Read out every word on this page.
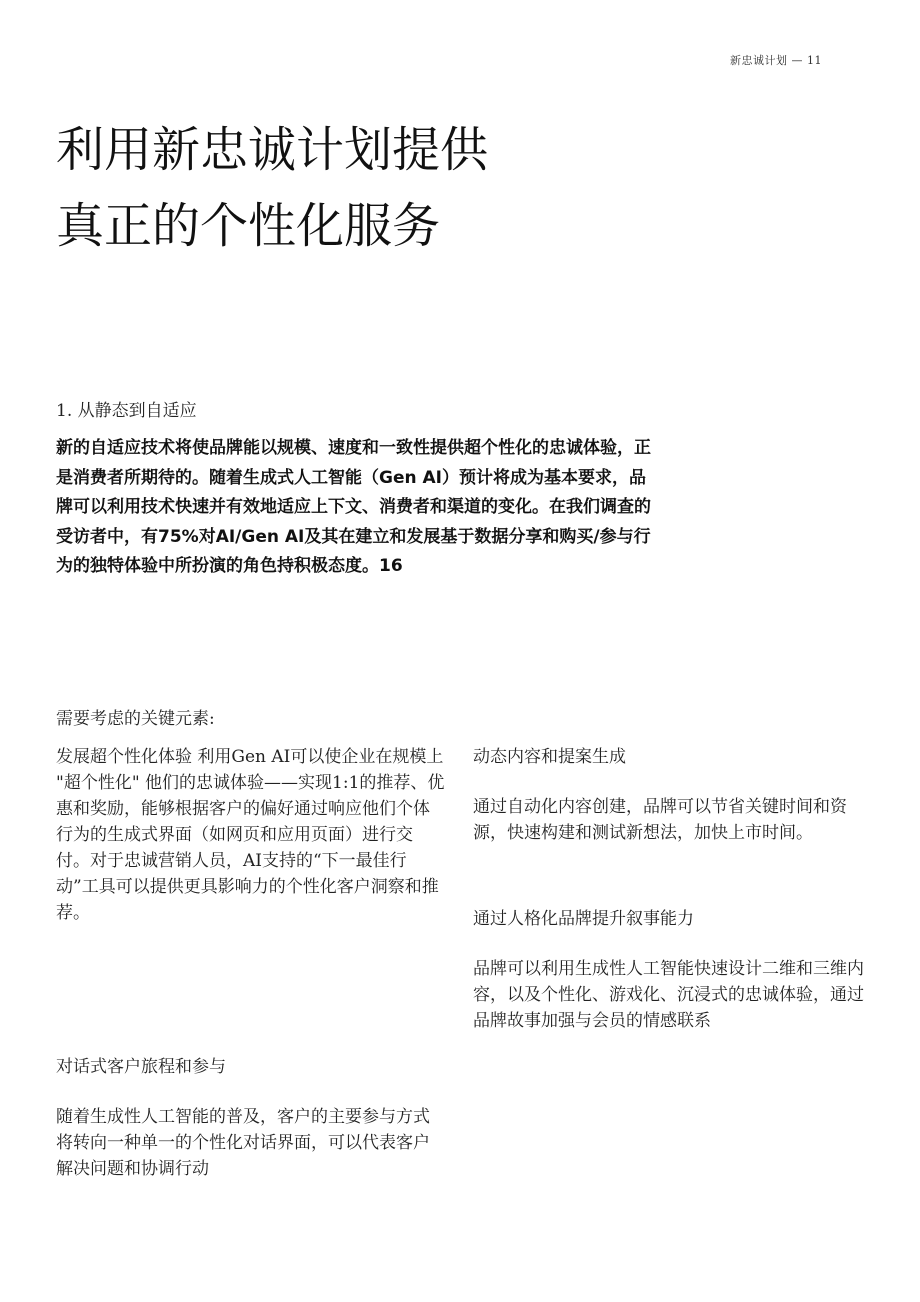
新忠诚计划 — 11
利用新忠诚计划提供真正的个性化服务
1. 从静态到自适应
新的自适应技术将使品牌能以规模、速度和一致性提供超个性化的忠诚体验，正是消费者所期待的。随着生成式人工智能（Gen AI）预计将成为基本要求，品牌可以利用技术快速并有效地适应上下文、消费者和渠道的变化。在我们调查的受访者中，有75%对AI/Gen AI及其在建立和发展基于数据分享和购买/参与行为的独特体验中所扮演的角色持积极态度。16
需要考虑的关键元素:
发展超个性化体验 利用Gen AI可以使企业在规模上 "超个性化" 他们的忠诚体验——实现1:1的推荐、优惠和奖励，能够根据客户的偏好通过响应他们个体行为的生成式界面（如网页和应用页面）进行交付。对于忠诚营销人员，AI支持的“下一最佳行动”工具可以提供更具影响力的个性化客户洞察和推荐。
对话式客户旅程和参与
随着生成性人工智能的普及，客户的主要参与方式将转向一种单一的个性化对话界面，可以代表客户解决问题和协调行动
动态内容和提案生成
通过自动化内容创建，品牌可以节省关键时间和资源，快速构建和测试新想法，加快上市时间。
通过人格化品牌提升叙事能力
品牌可以利用生成性人工智能快速设计二维和三维内容，以及个性化、游戏化、沉浸式的忠诚体验，通过品牌故事加强与会员的情感联系
